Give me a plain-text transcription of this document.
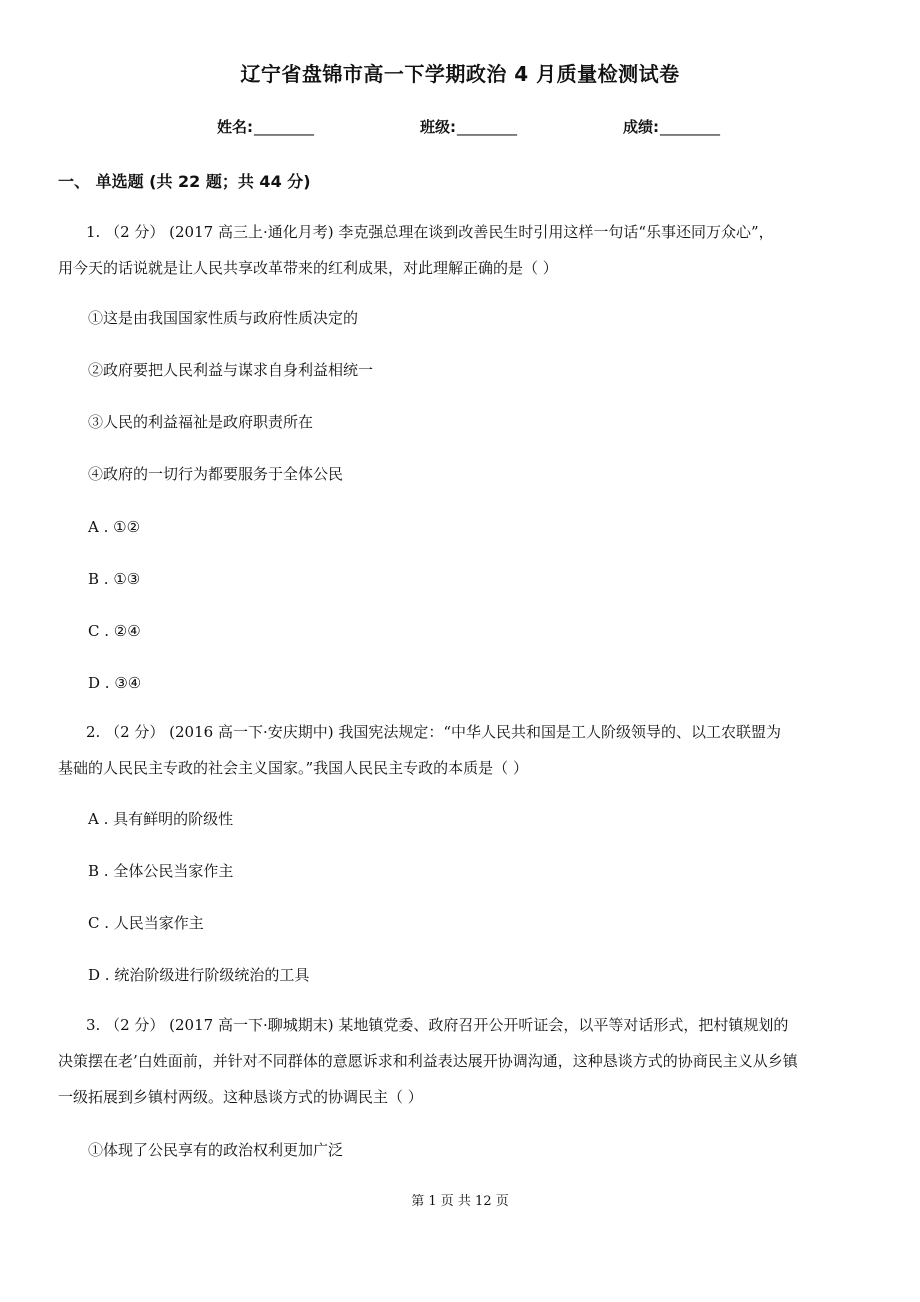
辽宁省盘锦市高一下学期政治 4 月质量检测试卷
姓名:________	班级:________	成绩:________
一、 单选题 (共 22 题；共 44 分)
1. （2 分） (2017 高三上·通化月考) 李克强总理在谈到改善民生时引用这样一句话“乐事还同万众心”，
用今天的话说就是让人民共享改革带来的红利成果，对此理解正确的是（ ）
①这是由我国国家性质与政府性质决定的
②政府要把人民利益与谋求自身利益相统一
③人民的利益福祉是政府职责所在
④政府的一切行为都要服务于全体公民
A . ①②
B . ①③
C . ②④
D . ③④
2. （2 分） (2016 高一下·安庆期中) 我国宪法规定：“中华人民共和国是工人阶级领导的、以工农联盟为
基础的人民民主专政的社会主义国家。”我国人民民主专政的本质是（ ）
A . 具有鲜明的阶级性
B . 全体公民当家作主
C . 人民当家作主
D . 统治阶级进行阶级统治的工具
3. （2 分） (2017 高一下·聊城期末) 某地镇党委、政府召开公开听证会，以平等对话形式，把村镇规划的
决策摆在老’白姓面前，并针对不同群体的意愿诉求和利益表达展开协调沟通，这种恳谈方式的协商民主义从乡镇
一级拓展到乡镇村两级。这种恳谈方式的协调民主（ ）
①体现了公民享有的政治权利更加广泛
第 1 页 共 12 页
